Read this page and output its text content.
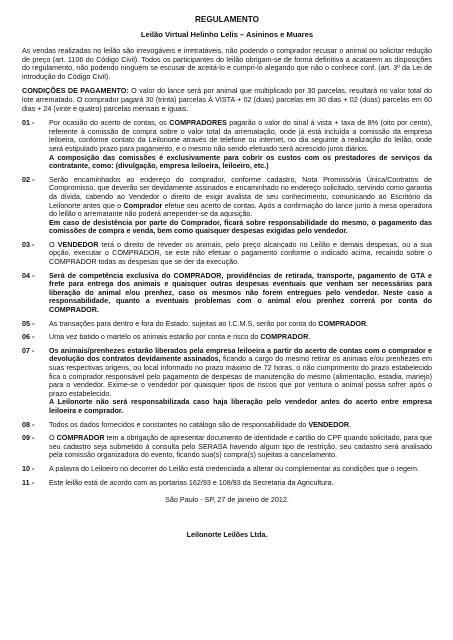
REGULAMENTO
Leilão Virtual Helinho Lelis – Asininos e Muares

As vendas realizadas no leilão são irrevogáveis e irretratáveis, não podendo o comprador recusar o animal ou solicitar redução de preço (art. 1106 do Código Civil). Todos os participantes do leilão obrigam-se de forma definitiva a acatarem as disposições do regulamento, não podendo ninguém se escusar de aceitá-lo e cumpri-lo alegando que não o conhece conf. (art. 3º da Lei de introdução do Código Civil).

CONDIÇÕES DE PAGAMENTO: O valor do lance será por animal que multiplicado por 30 parcelas, resultará no valor total do lote arrematado. O comprador pagará 30 (trinta) parcelas À VISTA + 02 (duas) parcelas em 30 dias + 02 (duas) parcelas em 60 dias + 24 (vinte e quatro) parcelas mensais e iguais.

01 -	Por ocasião do acerto de contas, os COMPRADORES pagarão o valor do sinal à vista + taxa de 8% (oito por cento), referente à comissão de compra sobre o valor total da arrematação, onde já está incluída a comissão da empresa leiloeira, conforme contato da Leilonorte através de telefone ou internet, no dia seguinte à realização do leilão, onde será estipulado prazo para pagamento, e o mesmo não sendo efetuado será acrescido juros diários.
A composição das comissões é exclusivamente para cobrir os custos com os prestadores de serviços da contratante, como: (divulgação, empresa leiloeira, leiloeiro, etc.)
02 -	Serão encaminhados ao endereço do comprador, conforme cadastro, Nota Promissória Única/Contratos de Compromisso, que deverão ser devidamente assinados e encaminhado no endereço solicitado, servindo como garantia da dívida, cabendo ao Vendedor o direito de exigir avalista de seu conhecimento, comunicando ao Escritório da Leilonorte antes que o Comprador efetue seu acerto de contas. Após a confirmação do lance junto à mesa operadora do leilão o arrematante não poderá arrepender-se da aquisição.
Em caso de desistência por parte do Comprador, ficará sobre responsabilidade do mesmo, o pagamento das comissões de compra e venda, bem como quaisquer despesas exigidas pelo vendedor.
03 -	O VENDEDOR terá o direito de reveder os animais, pelo preço alcançado no Leilão e demais despesas, ou a sua opção, executar o COMPRADOR, se este não efetuar o pagamento conforme o indicado acima, recaindo sobre o COMPRADOR todas as despesas que se der da execução.
04 -	Será de competência exclusiva do COMPRADOR, providências de retirada, transporte, pagamento de GTA e frete para entrega dos animais e quaisquer outras despesas eventuais que venham ser necessárias para liberação do animal e/ou prenhez, caso os mesmos não forem entregues pelo vendedor. Neste caso a responsabilidade, quanto a eventuais problemas com o animal e/ou prenhez correrá por conta do COMPRADOR.
05 -	As transações para dentro e fora do Estado, sujeitas ao I.C.M.S, serão por conta do COMPRADOR.
06 -	Uma vez batido o martelo os animais estarão por conta e risco do COMPRADOR.
07 -	Os animais/prenhezes estarão liberados pela empresa leiloeira a partir do acerto de contas com o comprador e devolução dos contratos devidamente assinados, ficando a cargo do mesmo retirar os animais e/ou prenhezes em suas respectivas origens, ou local informado no prazo máximo de 72 horas, o não cumprimento do prazo estabelecido fica o comprador responsável pelo pagamento de despesas de manutenção do mesmo (alimentação, estadia, manejo) para o vendedor. Exime-se o vendedor por quaisquer tipos de riscos que por ventura o animal possa sofrer após o prazo estabelecido.
A Leilonorte não será responsabilizada caso haja liberação pelo vendedor antes do acerto entre empresa leiloeira e comprador.
08 -	Todos os dados fornecidos e constantes no catálogo são de responsabilidade do VENDEDOR.
09 -	O COMPRADOR tem a obrigação de apresentar documento de identidade e cartão do CPF quando solicitado, para que seu cadastro seja submetido à consulta pelo SERASA havendo algum tipo de restrição, seu cadastro será analisado pela comissão organizadora do evento, ficando sua(s) compra(s) sujeitas a cancelamento.
10 -	A palavra do Leiloeiro no decorrer do Leilão está credenciada a alterar ou complementar as condições que o regem.
11 -	Este leilão está de acordo com as portarias 162/93 e 108/93 da Secretaria da Agricultura.
São Paulo - SP, 27 de janeiro de 2012.
Leilonorte Leilões Ltda.
